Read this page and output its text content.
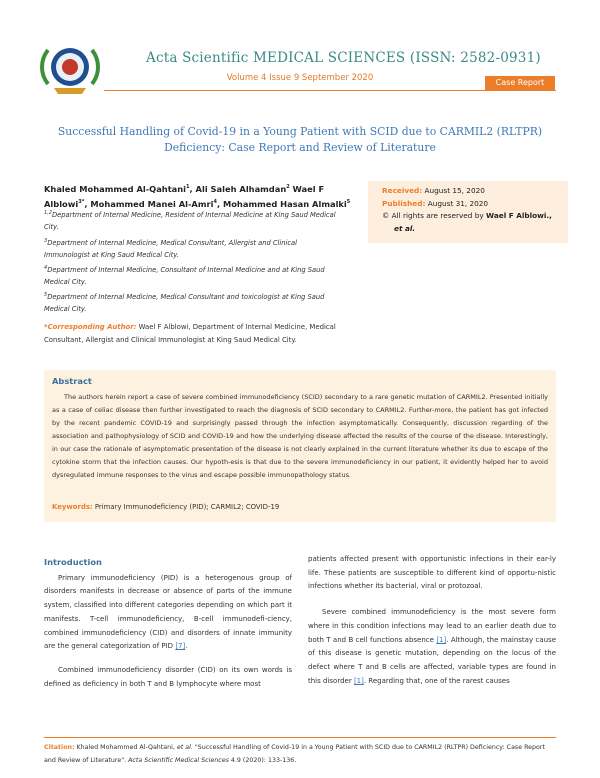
Acta Scientific MEDICAL SCIENCES (ISSN: 2582-0931)
Volume 4 Issue 9 September 2020	Case Report
Successful Handling of Covid-19 in a Young Patient with SCID due to CARMIL2 (RLTPR)
Deficiency: Case Report and Review of Literature
Khaled Mohammed Al-Qahtani$^1$, Ali Saleh Alhamdan$^2$ Wael F
Alblowi$^{3*}$, Mohammed Manei Al-Amri$^4$, Mohammed Hasan Almalki$^5$
$^{1,2}$Department of Internal Medicine, Resident of Internal Medicine at King Saud Medical City.
$^3$Department of Internal Medicine, Medical Consultant, Allergist and Clinical Immunologist at King Saud Medical City.
$^4$Department of Internal Medicine, Consultant of Internal Medicine and at King Saud Medical City.
$^5$Department of Internal Medicine, Medical Consultant and toxicologist at King Saud Medical City.
*Corresponding Author: Wael F Alblowi, Department of Internal Medicine, Medical Consultant, Allergist and Clinical Immunologist at King Saud Medical City.
Received: August 15, 2020
Published: August 31, 2020
© All rights are reserved by Wael F Alblowi.,
et al.
Abstract
The authors herein report a case of severe combined immunodeficiency (SCID) secondary to a rare genetic mutation of CARMIL2. Presented initially as a case of celiac disease then further investigated to reach the diagnosis of SCID secondary to CARMIL2. Further-more, the patient has got infected by the recent pandemic COVID-19 and surprisingly passed through the infection asymptomatically. Consequently, discussion regarding of the association and pathophysiology of SCID and COVID-19 and how the underlying disease affected the results of the course of the disease. Interestingly, in our case the rationale of asymptomatic presentation of the disease is not clearly explained in the current literature whether its due to escape of the cytokine storm that the infection causes. Our hypoth-esis is that due to the severe immunodeficiency in our patient, it evidently helped her to avoid dysregulated immune responses to the virus and escape possible immunopathology status.
Keywords: Primary Immunodeficiency (PID); CARMIL2; COVID-19
Introduction

Primary immunodeficiency (PID) is a heterogenous group of disorders manifests in decrease or absence of parts of the immune system, classified into different categories depending on which part it manifests. T-cell immunodeficiency, B-cell immunodefi-ciency, combined immunodeficiency (CID) and disorders of innate immunity are the general categorization of PID [7].

Combined immunodeficiency disorder (CID) on its own words is defined as deficiency in both T and B lymphocyte where most

patients affected present with opportunistic infections in their ear-ly life. These patients are susceptible to different kind of opportu-nistic infections whether its bacterial, viral or protozoal.

Severe combined immunodeficiency is the most severe form where in this condition infections may lead to an earlier death due to both T and B cell functions absence [1]. Although, the mainstay cause of this disease is genetic mutation, depending on the locus of the defect where T and B cells are affected, variable types are found in this disorder [1]. Regarding that, one of the rarest causes

Citation: Khaled Mohammed Al-Qahtani, et al. "Successful Handling of Covid-19 in a Young Patient with SCID due to CARMIL2 (RLTPR) Deficiency: Case Report and Review of Literature". Acta Scientific Medical Sciences 4.9 (2020): 133-136.
